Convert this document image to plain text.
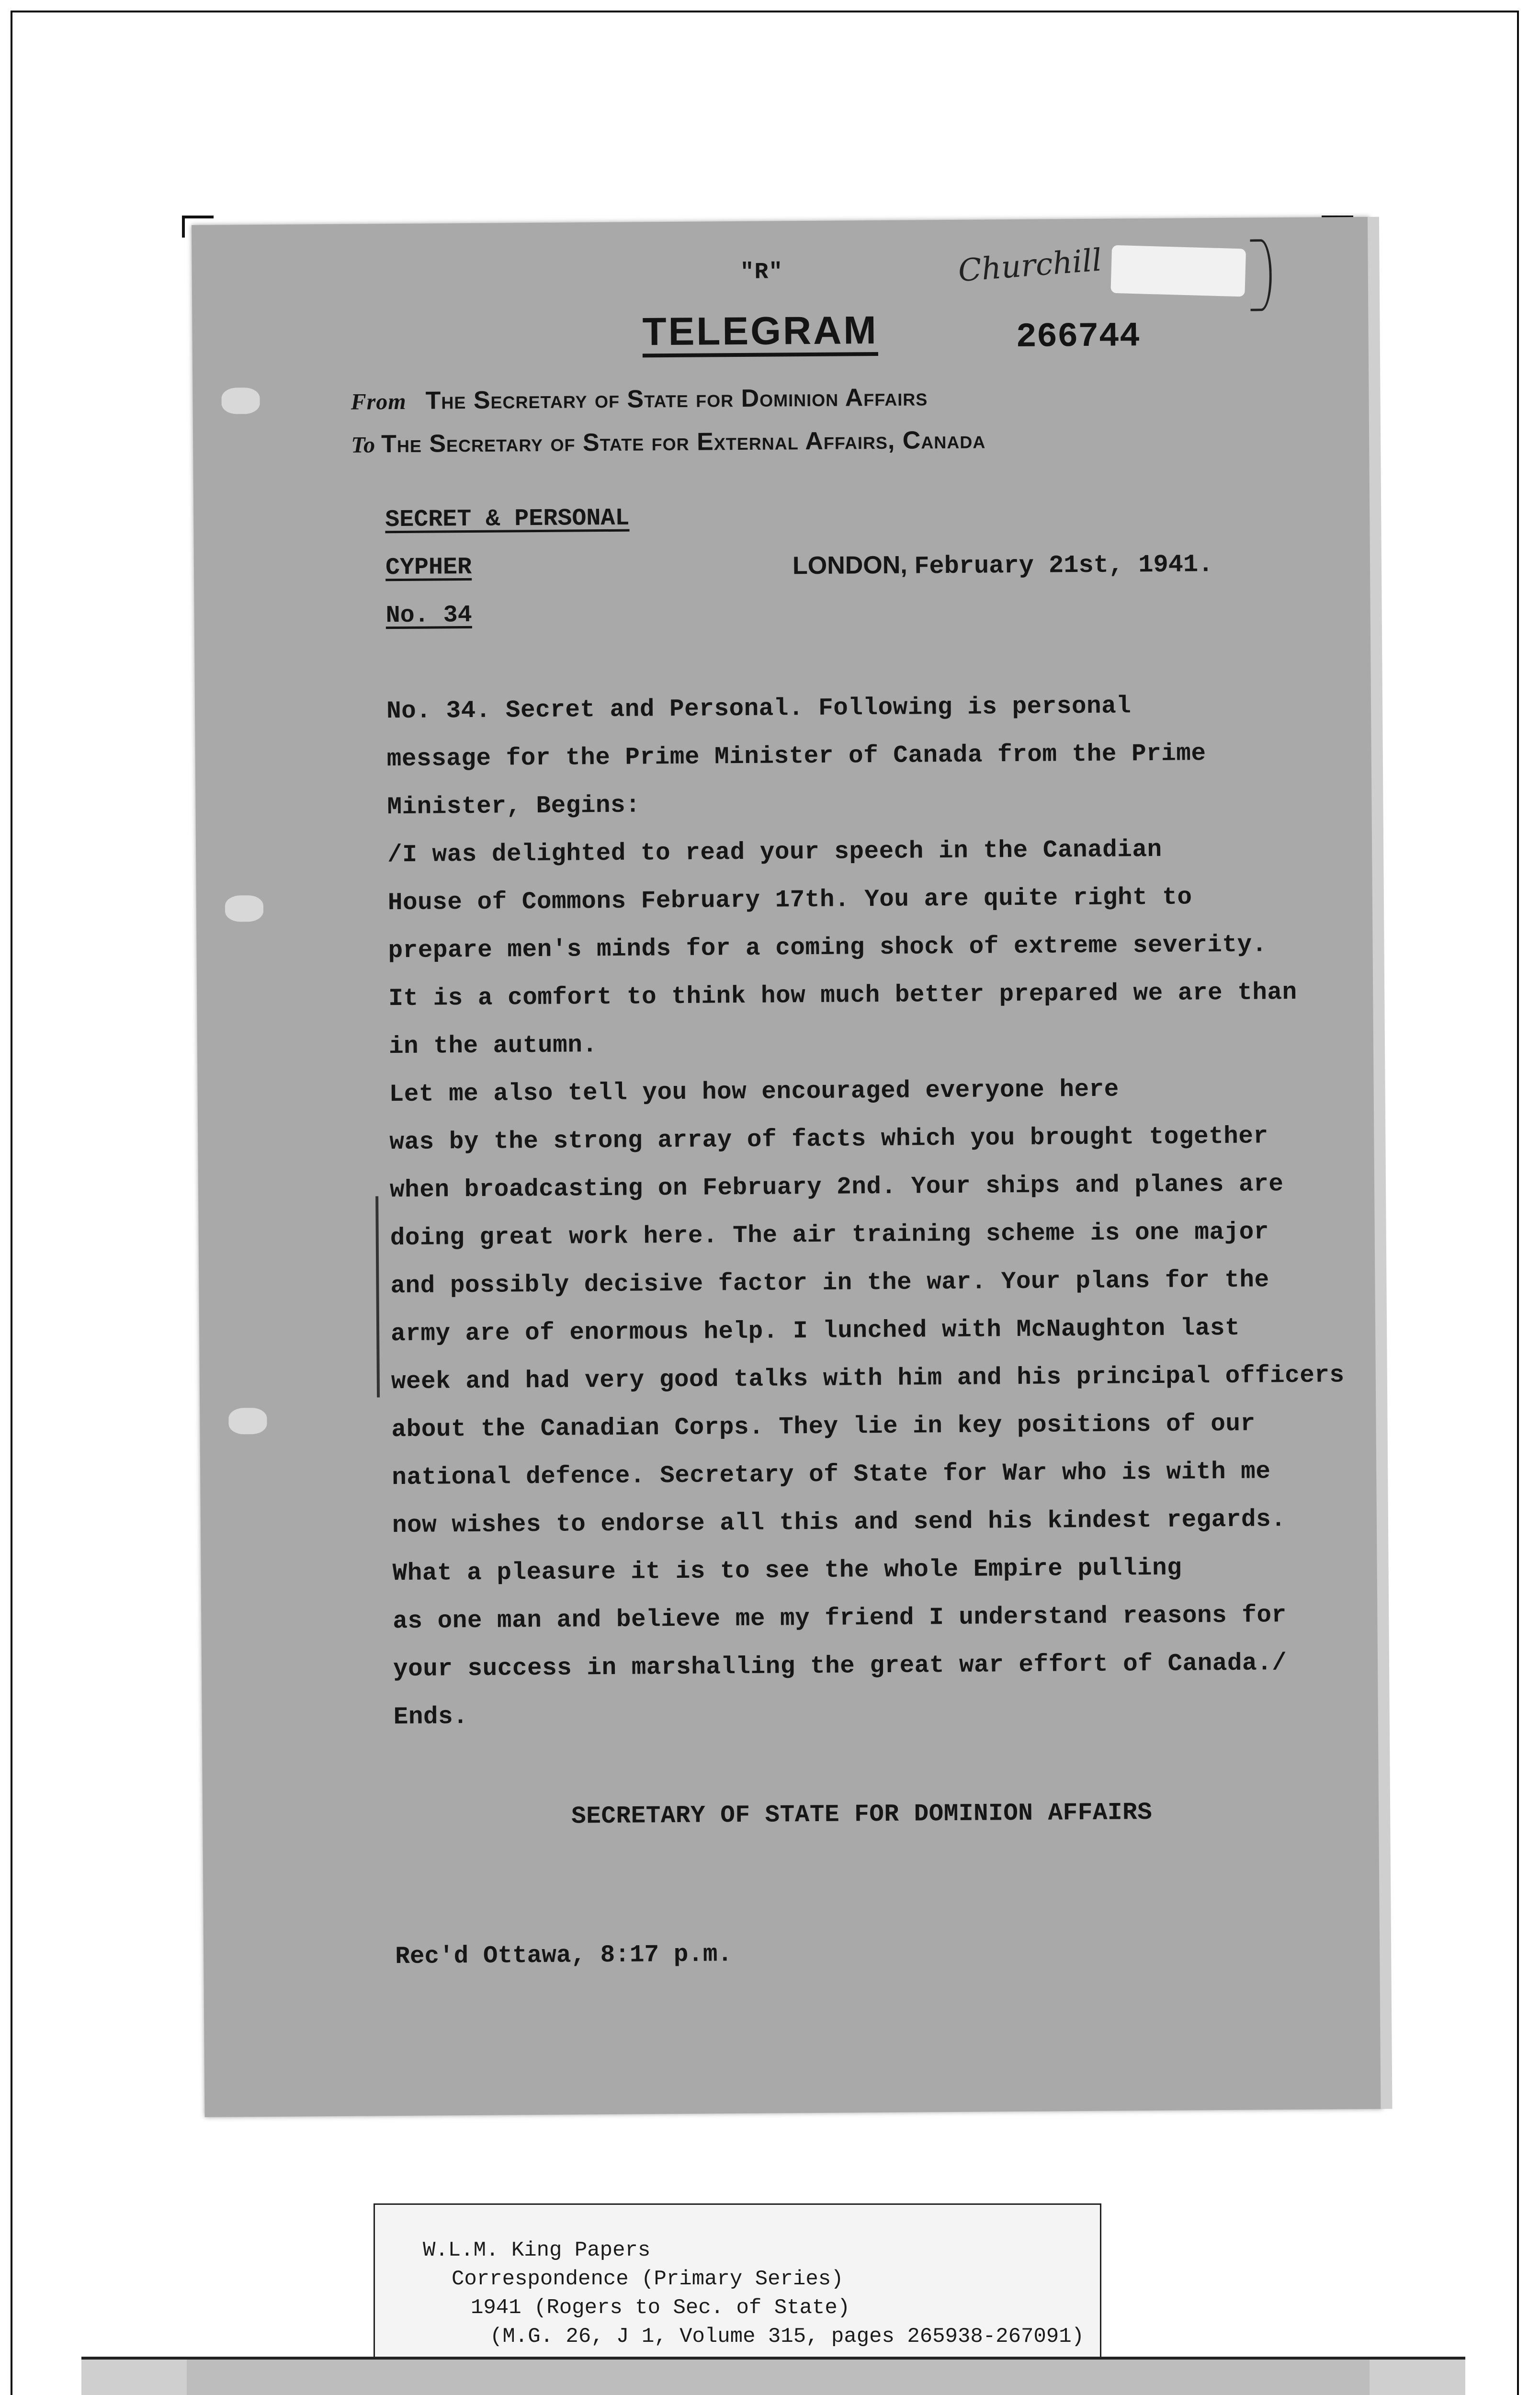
"R"	Churchill
TELEGRAM	266744
From The Secretary of State for Dominion Affairs
To The Secretary of State for External Affairs, Canada
SECRET & PERSONAL
CYPHER
No. 34
LONDON, February 21st, 1941.
No. 34. Secret and Personal. Following is personal
message for the Prime Minister of Canada from the Prime
Minister, Begins:
/I was delighted to read your speech in the Canadian
House of Commons February 17th. You are quite right to
prepare men's minds for a coming shock of extreme severity.
It is a comfort to think how much better prepared we are than
in the autumn.
Let me also tell you how encouraged everyone here
was by the strong array of facts which you brought together
when broadcasting on February 2nd. Your ships and planes are
doing great work here. The air training scheme is one major
and possibly decisive factor in the war. Your plans for the
army are of enormous help. I lunched with McNaughton last
week and had very good talks with him and his principal officers
about the Canadian Corps. They lie in key positions of our
national defence. Secretary of State for War who is with me
now wishes to endorse all this and send his kindest regards.
What a pleasure it is to see the whole Empire pulling
as one man and believe me my friend I understand reasons for
your success in marshalling the great war effort of Canada./
Ends.
SECRETARY OF STATE FOR DOMINION AFFAIRS
Rec'd Ottawa, 8:17 p.m.
W.L.M. King Papers
Correspondence (Primary Series)
1941 (Rogers to Sec. of State)
(M.G. 26, J 1, Volume 315, pages 265938-267091)
